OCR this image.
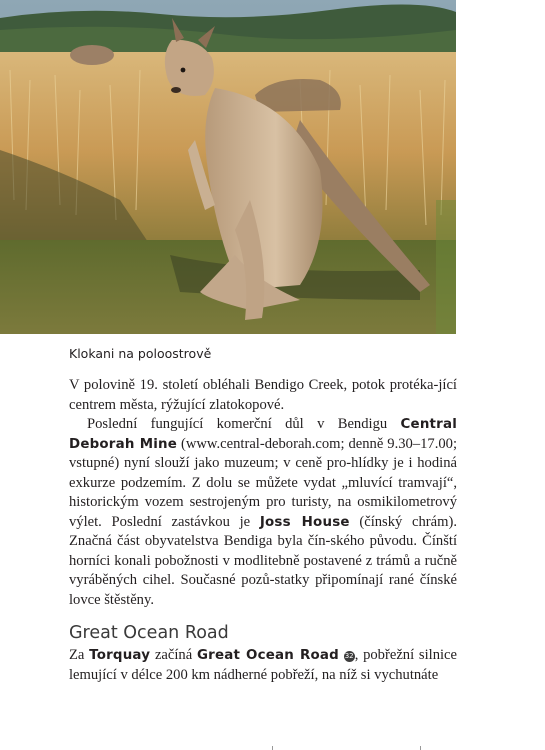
Klokani na poloostrově

V polovině 19. století obléhali Bendigo Creek, potok protéka-jící centrem města, rýžující zlatokopové.

Poslední fungující komerční důl v Bendigu Central Deborah Mine (www.central-deborah.com; denně 9.30–17.00; vstupné) nyní slouží jako muzeum; v ceně pro-hlídky je i hodiná exkurze podzemím. Z dolu se můžete vydat „mluvící tramvají“, historickým vozem sestrojeným pro turisty, na osmikilometrový výlet. Poslední zastávkou je Joss House (čínský chrám). Značná část obyvatelstva Bendiga byla čín-ského původu. Čínští horníci konali pobožnosti v modlitebně postavené z trámů a ručně vyráběných cihel. Současné pozů-statky připomínají rané čínské lovce štěstěny.

Great Ocean Road

Za Torquay začíná Great Ocean Road 32, pobřežní silnice lemující v délce 200 km nádherné pobřeží, na níž si vychutnáte
